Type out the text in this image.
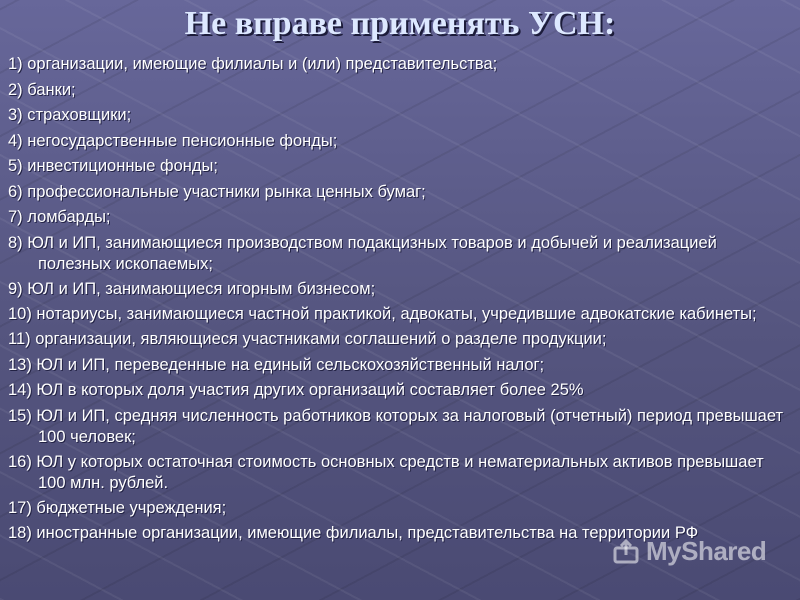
Не вправе применять УСН:
1) организации, имеющие филиалы и (или) представительства;
2) банки;
3) страховщики;
4) негосударственные пенсионные фонды;
5) инвестиционные фонды;
6) профессиональные участники рынка ценных бумаг;
7) ломбарды;
8) ЮЛ и ИП, занимающиеся производством подакцизных товаров и добычей и реализацией полезных ископаемых;
9) ЮЛ и ИП, занимающиеся игорным бизнесом;
10) нотариусы, занимающиеся частной практикой, адвокаты, учредившие адвокатские кабинеты;
11) организации, являющиеся участниками соглашений о разделе продукции;
13) ЮЛ и ИП, переведенные на единый сельскохозяйственный налог;
14) ЮЛ в которых доля участия других организаций составляет более 25%
15) ЮЛ и ИП, средняя численность работников которых за налоговый (отчетный) период превышает 100 человек;
16) ЮЛ у которых остаточная стоимость основных средств и нематериальных активов превышает 100 млн. рублей.
17) бюджетные учреждения;
18) иностранные организации, имеющие филиалы, представительства на территории РФ
MyShared
